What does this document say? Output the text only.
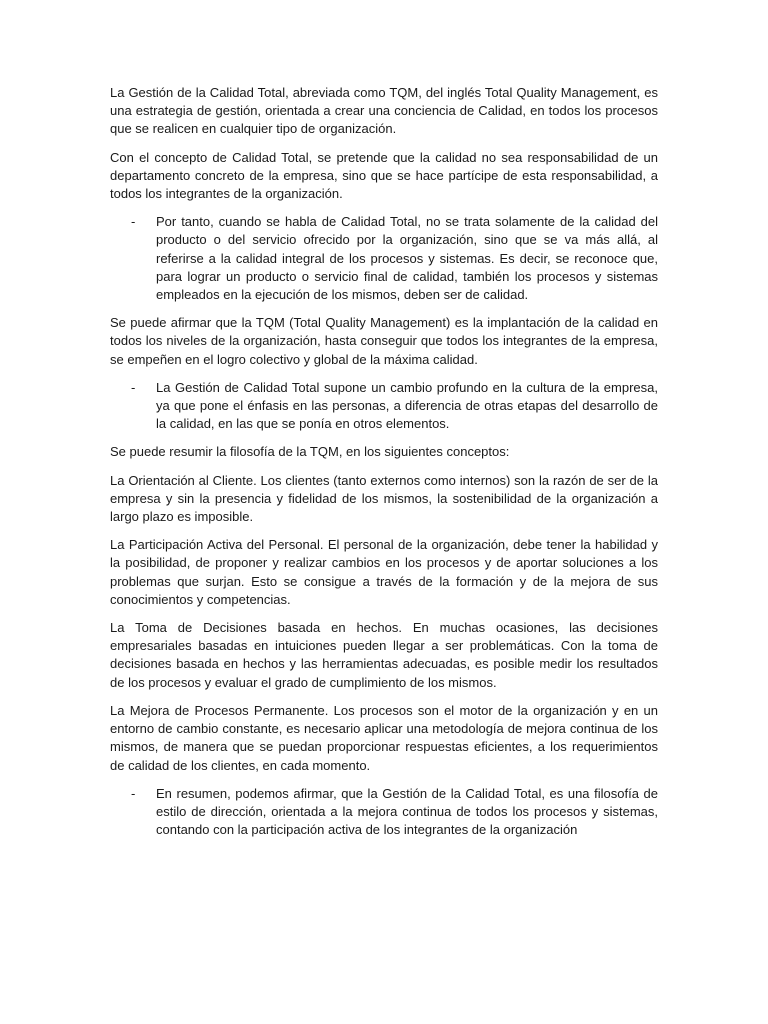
La Gestión de la Calidad Total, abreviada como TQM, del inglés Total Quality Management, es una estrategia de gestión, orientada a crear una conciencia de Calidad, en todos los procesos que se realicen en cualquier tipo de organización.

Con el concepto de Calidad Total, se pretende que la calidad no sea responsabilidad de un departamento concreto de la empresa, sino que se hace partícipe de esta responsabilidad, a todos los integrantes de la organización.

- Por tanto, cuando se habla de Calidad Total, no se trata solamente de la calidad del producto o del servicio ofrecido por la organización, sino que se va más allá, al referirse a la calidad integral de los procesos y sistemas. Es decir, se reconoce que, para lograr un producto o servicio final de calidad, también los procesos y sistemas empleados en la ejecución de los mismos, deben ser de calidad.

Se puede afirmar que la TQM (Total Quality Management) es la implantación de la calidad en todos los niveles de la organización, hasta conseguir que todos los integrantes de la empresa, se empeñen en el logro colectivo y global de la máxima calidad.

- La Gestión de Calidad Total supone un cambio profundo en la cultura de la empresa, ya que pone el énfasis en las personas, a diferencia de otras etapas del desarrollo de la calidad, en las que se ponía en otros elementos.

Se puede resumir la filosofía de la TQM, en los siguientes conceptos:

La Orientación al Cliente. Los clientes (tanto externos como internos) son la razón de ser de la empresa y sin la presencia y fidelidad de los mismos, la sostenibilidad de la organización a largo plazo es imposible.

La Participación Activa del Personal. El personal de la organización, debe tener la habilidad y la posibilidad, de proponer y realizar cambios en los procesos y de aportar soluciones a los problemas que surjan. Esto se consigue a través de la formación y de la mejora de sus conocimientos y competencias.

La Toma de Decisiones basada en hechos. En muchas ocasiones, las decisiones empresariales basadas en intuiciones pueden llegar a ser problemáticas. Con la toma de decisiones basada en hechos y las herramientas adecuadas, es posible medir los resultados de los procesos y evaluar el grado de cumplimiento de los mismos.

La Mejora de Procesos Permanente. Los procesos son el motor de la organización y en un entorno de cambio constante, es necesario aplicar una metodología de mejora continua de los mismos, de manera que se puedan proporcionar respuestas eficientes, a los requerimientos de calidad de los clientes, en cada momento.

- En resumen, podemos afirmar, que la Gestión de la Calidad Total, es una filosofía de estilo de dirección, orientada a la mejora continua de todos los procesos y sistemas, contando con la participación activa de los integrantes de la organización
